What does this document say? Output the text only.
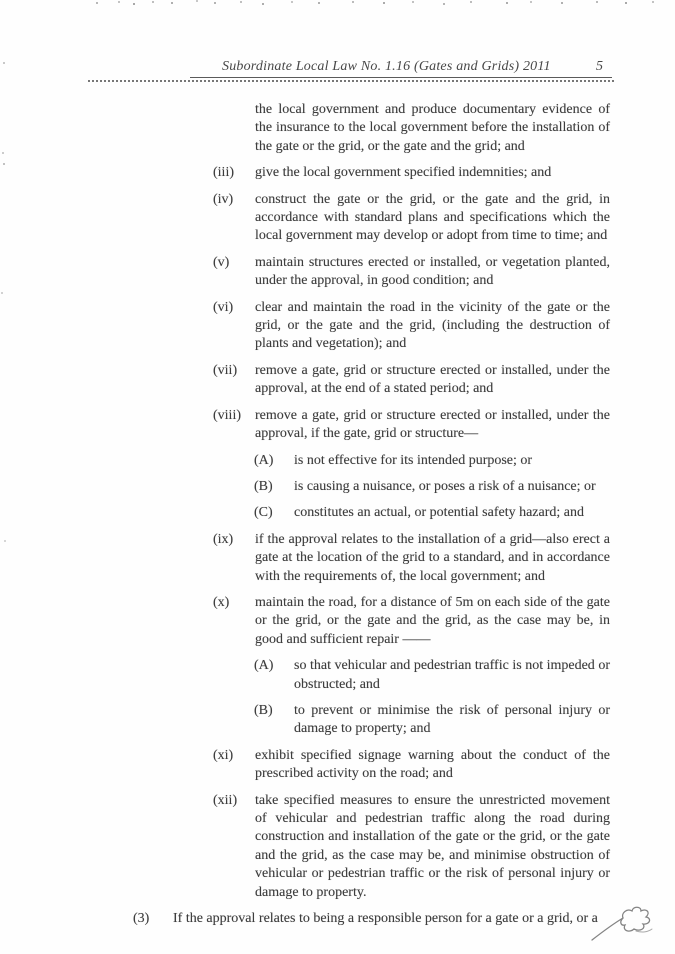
Subordinate Local Law No. 1.16 (Gates and Grids) 2011	5

the local government and produce documentary evidence of the insurance to the local government before the installation of the gate or the grid, or the gate and the grid; and

(iii)	give the local government specified indemnities; and
(iv)	construct the gate or the grid, or the gate and the grid, in accordance with standard plans and specifications which the local government may develop or adopt from time to time; and
(v)	maintain structures erected or installed, or vegetation planted, under the approval, in good condition; and
(vi)	clear and maintain the road in the vicinity of the gate or the grid, or the gate and the grid, (including the destruction of plants and vegetation); and
(vii)	remove a gate, grid or structure erected or installed, under the approval, at the end of a stated period; and
(viii)	remove a gate, grid or structure erected or installed, under the approval, if the gate, grid or structure—
(A)	is not effective for its intended purpose; or
(B)	is causing a nuisance, or poses a risk of a nuisance; or
(C)	constitutes an actual, or potential safety hazard; and
(ix)	if the approval relates to the installation of a grid—also erect a gate at the location of the grid to a standard, and in accordance with the requirements of, the local government; and
(x)	maintain the road, for a distance of 5m on each side of the gate or the grid, or the gate and the grid, as the case may be, in good and sufficient repair ——
(A)	so that vehicular and pedestrian traffic is not impeded or obstructed; and
(B)	to prevent or minimise the risk of personal injury or damage to property; and
(xi)	exhibit specified signage warning about the conduct of the prescribed activity on the road; and
(xii)	take specified measures to ensure the unrestricted movement of vehicular and pedestrian traffic along the road during construction and installation of the gate or the grid, or the gate and the grid, as the case may be, and minimise obstruction of vehicular or pedestrian traffic or the risk of personal injury or damage to property.
(3)	If the approval relates to being a responsible person for a gate or a grid, or a
